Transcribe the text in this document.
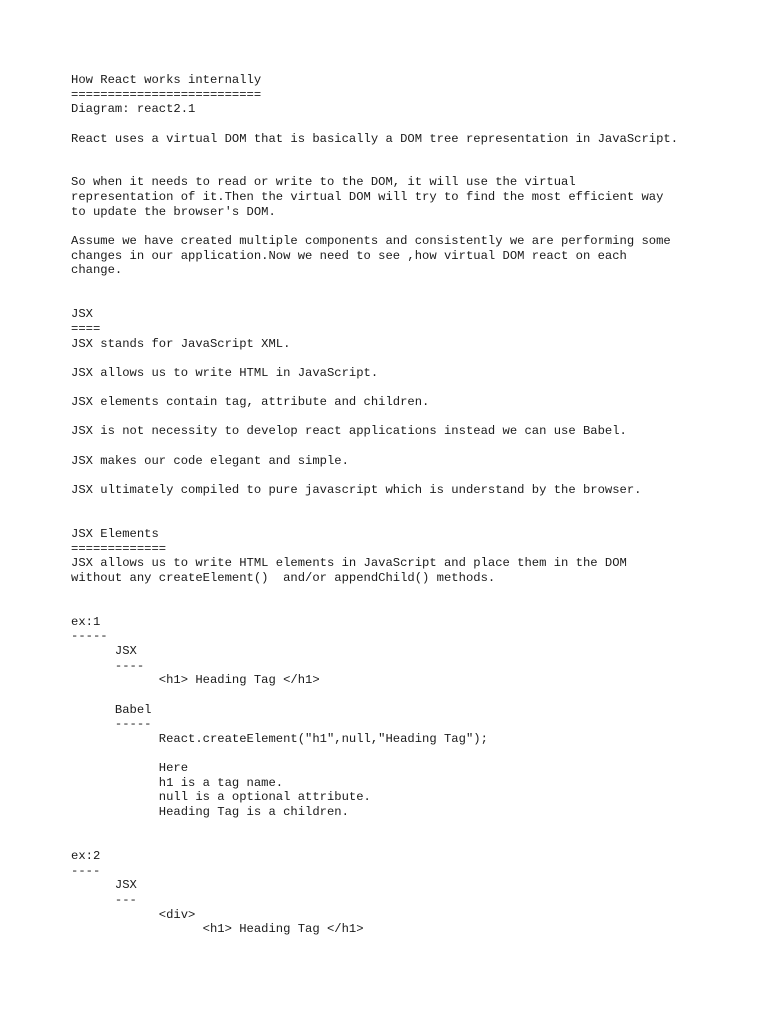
How React works internally
==========================
Diagram: react2.1
React uses a virtual DOM that is basically a DOM tree representation in JavaScript.
So when it needs to read or write to the DOM, it will use the virtual
representation of it.Then the virtual DOM will try to find the most efficient way
to update the browser's DOM.
Assume we have created multiple components and consistently we are performing some
changes in our application.Now we need to see ,how virtual DOM react on each
change.
JSX
====
JSX stands for JavaScript XML.
JSX allows us to write HTML in JavaScript.
JSX elements contain tag, attribute and children.
JSX is not necessity to develop react applications instead we can use Babel.
JSX makes our code elegant and simple.
JSX ultimately compiled to pure javascript which is understand by the browser.
JSX Elements
=============
JSX allows us to write HTML elements in JavaScript and place them in the DOM
without any createElement()  and/or appendChild() methods.
ex:1
-----
JSX
----
<h1> Heading Tag </h1>
Babel
-----
React.createElement("h1",null,"Heading Tag");
Here
h1 is a tag name.
null is a optional attribute.
Heading Tag is a children.
ex:2
----
JSX
---
<div>
<h1> Heading Tag </h1>
